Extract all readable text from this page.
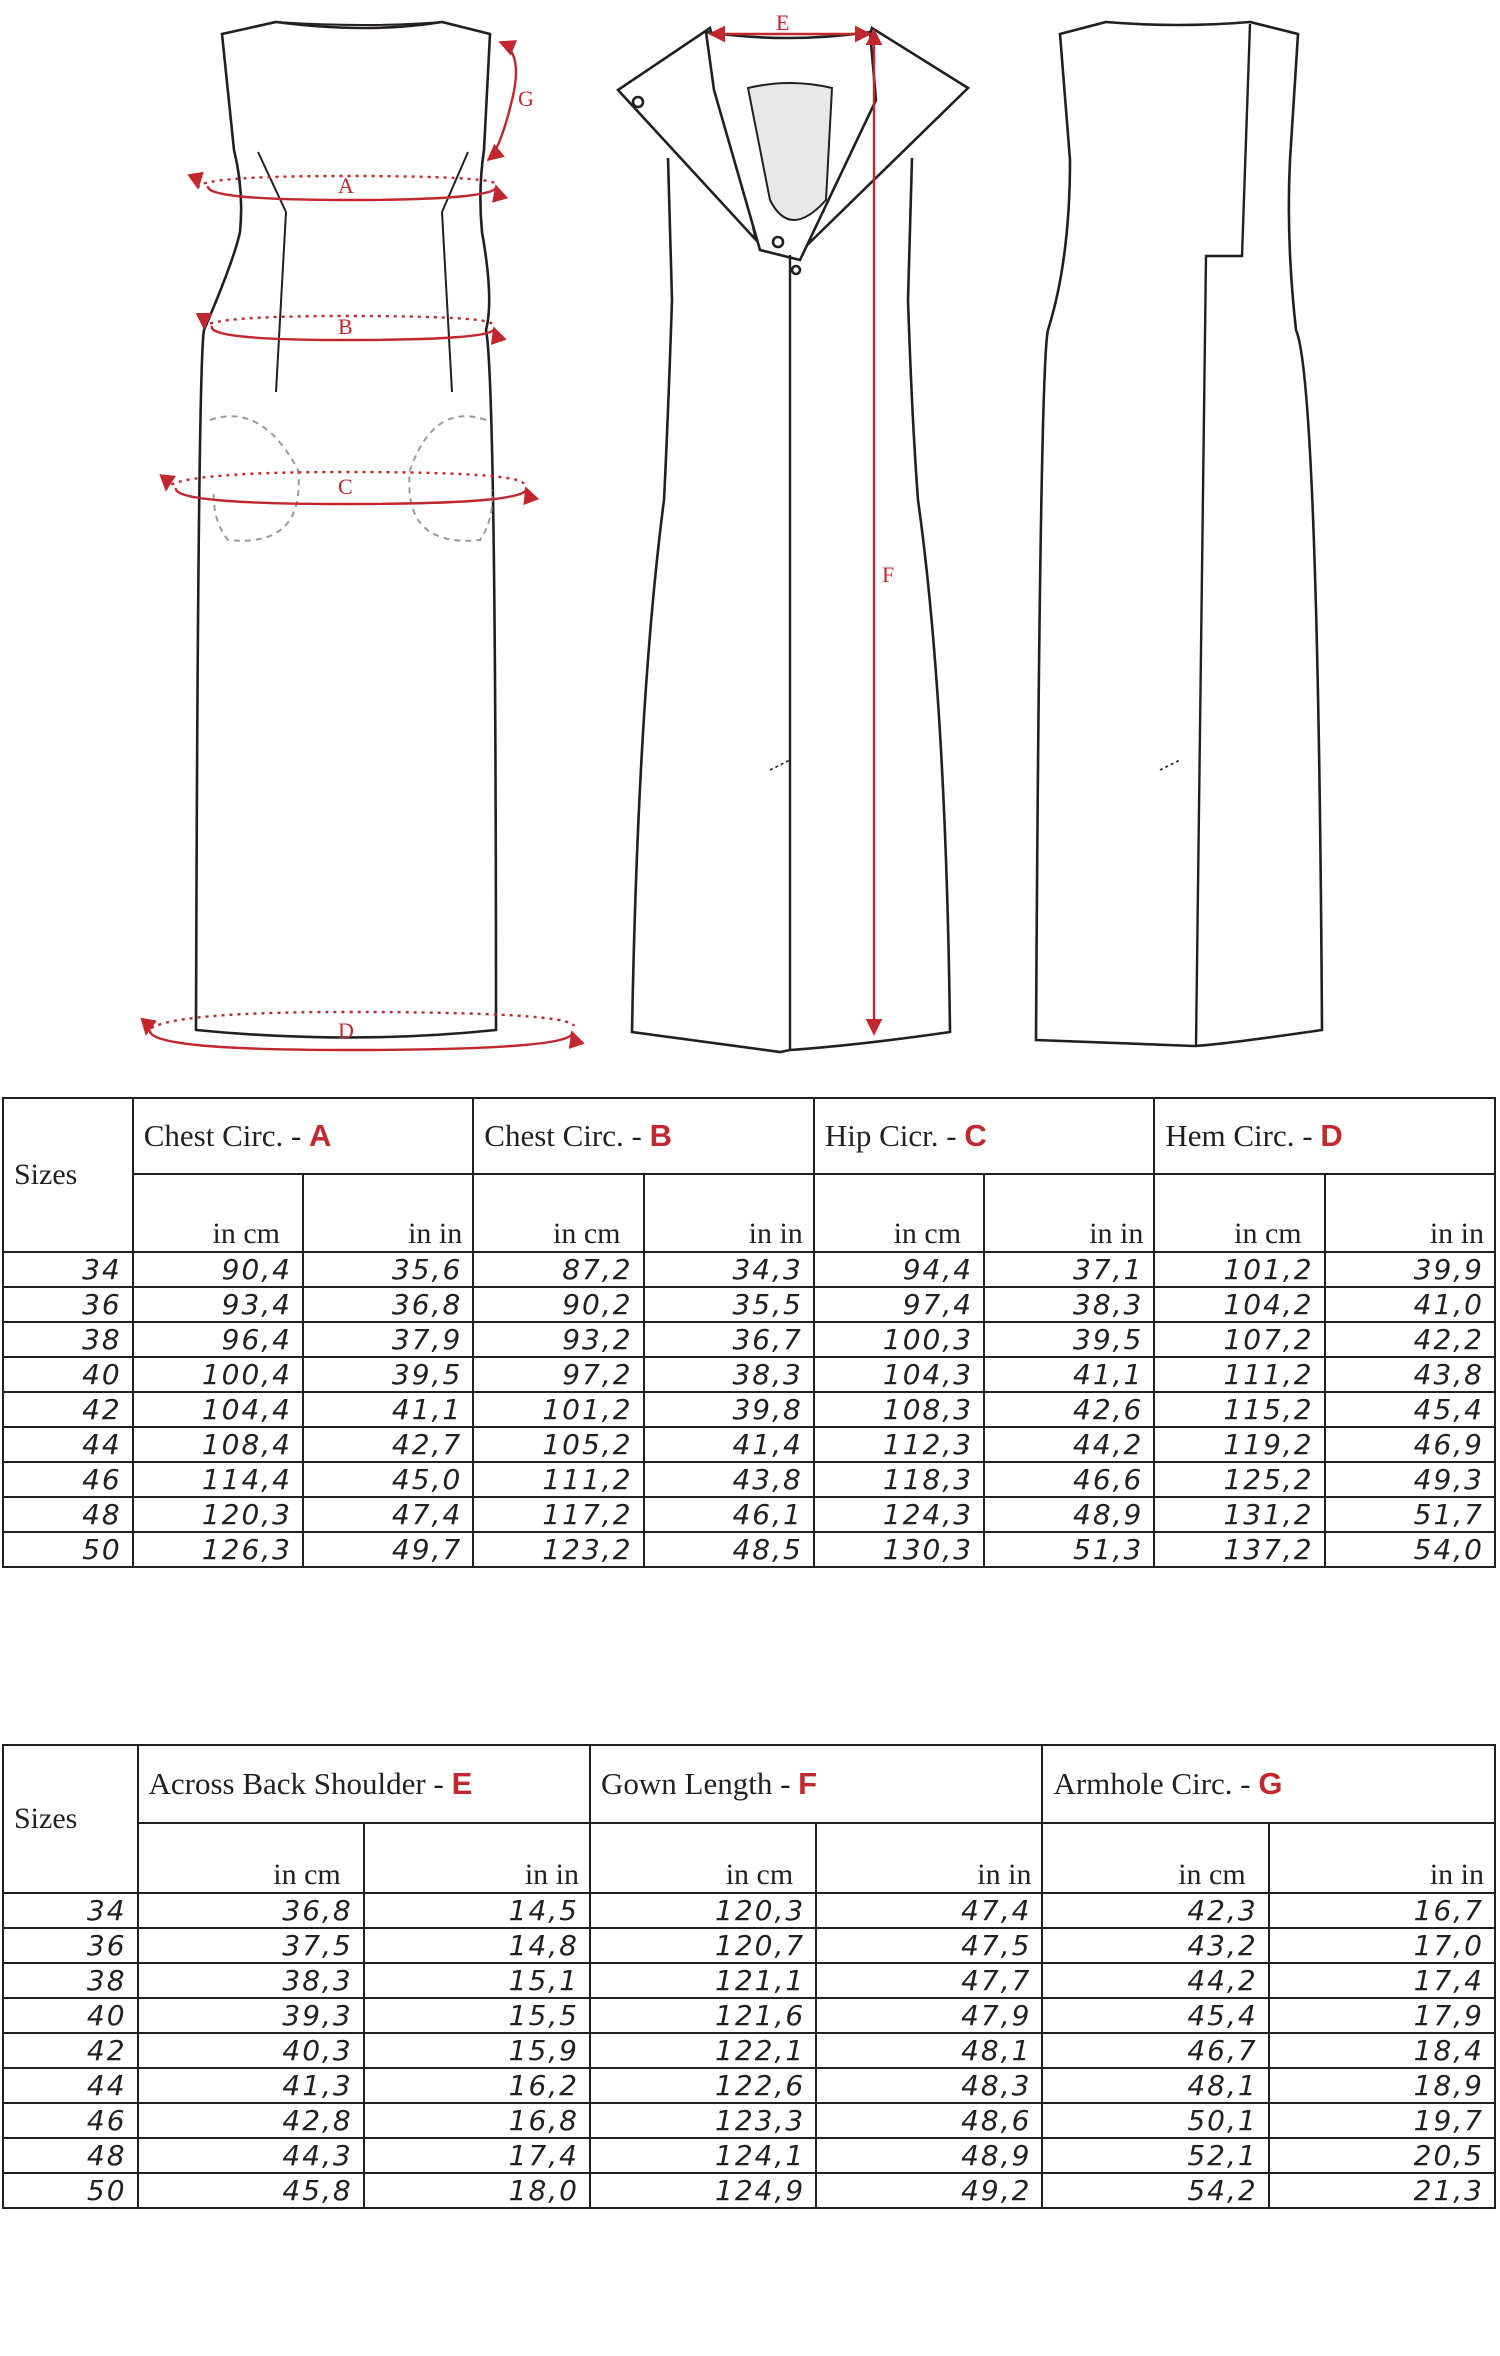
A
B
C
D
E
F
G
Sizes	Chest Circ. - A		Chest Circ. - B		Hip Cicr. - C		Hem Circ. - D	
	in cm	in in	in cm	in in	in cm	in in	in cm	in in
34	90,4	35,6	87,2	34,3	94,4	37,1	101,2	39,9
36	93,4	36,8	90,2	35,5	97,4	38,3	104,2	41,0
38	96,4	37,9	93,2	36,7	100,3	39,5	107,2	42,2
40	100,4	39,5	97,2	38,3	104,3	41,1	111,2	43,8
42	104,4	41,1	101,2	39,8	108,3	42,6	115,2	45,4
44	108,4	42,7	105,2	41,4	112,3	44,2	119,2	46,9
46	114,4	45,0	111,2	43,8	118,3	46,6	125,2	49,3
48	120,3	47,4	117,2	46,1	124,3	48,9	131,2	51,7
50	126,3	49,7	123,2	48,5	130,3	51,3	137,2	54,0
Sizes	Across Back Shoulder - E		Gown Length - F		Armhole Circ. - G	
	in cm	in in	in cm	in in	in cm	in in
34	36,8	14,5	120,3	47,4	42,3	16,7
36	37,5	14,8	120,7	47,5	43,2	17,0
38	38,3	15,1	121,1	47,7	44,2	17,4
40	39,3	15,5	121,6	47,9	45,4	17,9
42	40,3	15,9	122,1	48,1	46,7	18,4
44	41,3	16,2	122,6	48,3	48,1	18,9
46	42,8	16,8	123,3	48,6	50,1	19,7
48	44,3	17,4	124,1	48,9	52,1	20,5
50	45,8	18,0	124,9	49,2	54,2	21,3
